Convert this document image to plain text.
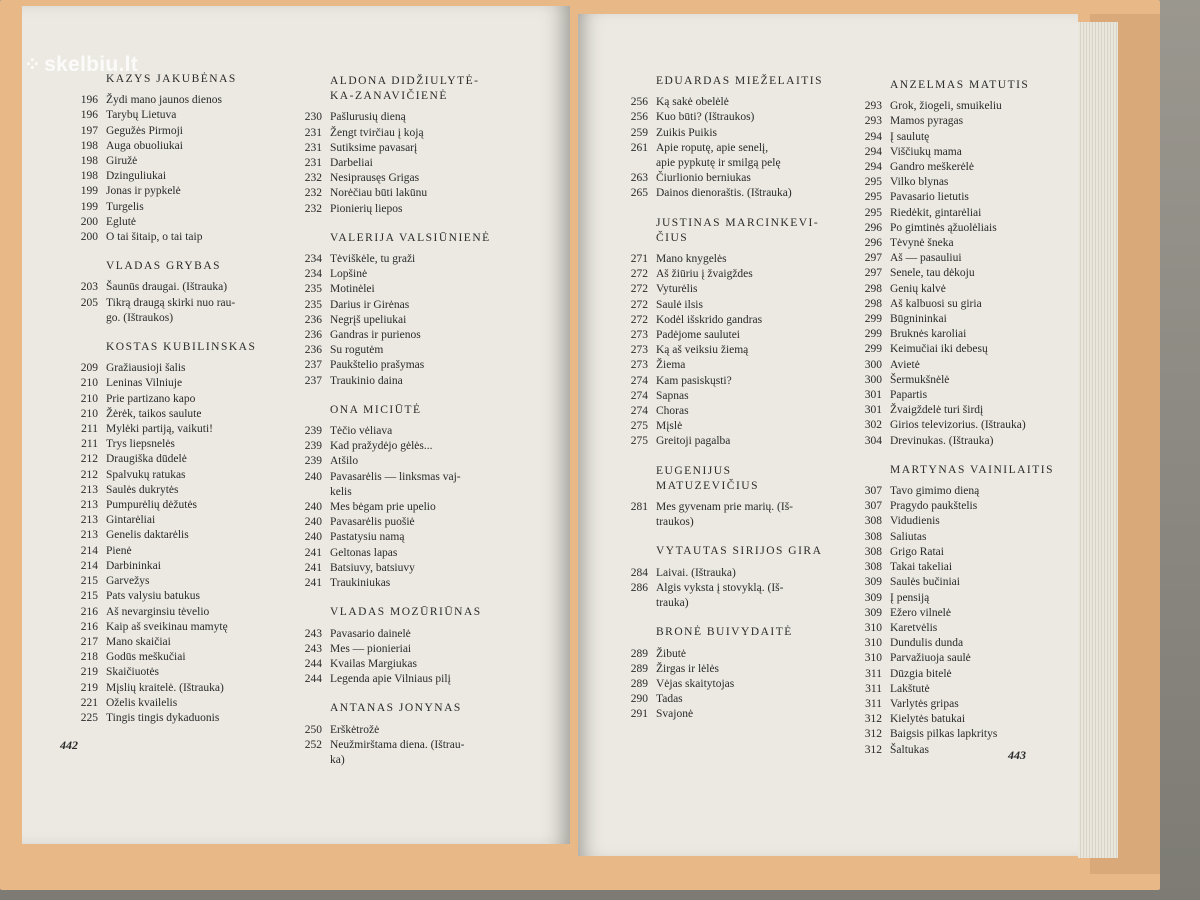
KAZYS JAKUBĖNAS
196 Žydi mano jaunos dienos
196 Tarybų Lietuva
197 Gegužės Pirmoji
198 Auga obuoliukai
198 Giružė
198 Dzinguliukai
199 Jonas ir pypkelė
199 Turgelis
200 Eglutė
200 O tai šitaip, o tai taip
VLADAS GRYBAS
203 Šaunūs draugai. (Ištrauka)
205 Tikrą draugą skirki nuo rau-
go. (Ištraukos)
KOSTAS KUBILINSKAS
209 Gražiausioji šalis
210 Leninas Vilniuje
210 Prie partizano kapo
210 Žėrėk, taikos saulute
211 Mylėki partiją, vaikuti!
211 Trys liepsnelės
212 Draugiška dūdelė
212 Spalvukų ratukas
213 Saulės dukrytės
213 Pumpurėlių dėžutės
213 Gintarėliai
213 Genelis daktarėlis
214 Pienė
214 Darbininkai
215 Garvežys
215 Pats valysiu batukus
216 Aš nevarginsiu tėvelio
216 Kaip aš sveikinau mamytę
217 Mano skaičiai
218 Godūs meškučiai
219 Skaičiuotės
219 Mįslių kraitelė. (Ištrauka)
221 Oželis kvailelis
225 Tingis tingis dykaduonis
ALDONA DIDŽIULYTĖ-KA-ZANAVIČIENĖ
230 Pašlurusių dieną
231 Žengt tvirčiau į koją
231 Sutiksime pavasarį
231 Darbeliai
232 Nesiprausęs Grigas
232 Norėčiau būti lakūnu
232 Pionierių liepos
VALERIJA VALSIŪNIENĖ
234 Tėviškėle, tu graži
234 Lopšinė
235 Motinėlei
235 Darius ir Girėnas
236 Negrįš upeliukai
236 Gandras ir purienos
236 Su rogutėm
237 Paukštelio prašymas
237 Traukinio daina
ONA MICIŪTĖ
239 Tėčio vėliava
239 Kad pražydėjo gėlės...
239 Atšilo
240 Pavasarėlis — linksmas vaj-
kelis
240 Mes bėgam prie upelio
240 Pavasarėlis puošiė
240 Pastatysiu namą
241 Geltonas lapas
241 Batsiuvy, batsiuvy
241 Traukiniukas
VLADAS MOZŪRIŪNAS
243 Pavasario dainelė
243 Mes — pionieriai
244 Kvailas Margiukas
244 Legenda apie Vilniaus pilį
ANTANAS JONYNAS
250 Erškėtrožė
252 Neužmirštama diena. (Ištrau-
ka)
442
EDUARDAS MIEŽELAITIS
256 Ką sakė obelėlė
256 Kuo būti? (Ištraukos)
259 Zuikis Puikis
261 Apie roputę, apie senelį,
apie pypkutę ir smilgą pelę
263 Čiurlionio berniukas
265 Dainos dienoraštis. (Ištrauka)
JUSTINAS MARCINKEVI-ČIUS
271 Mano knygelės
272 Aš žiūriu į žvaigždes
272 Vyturėlis
272 Saulė ilsis
272 Kodėl išskrido gandras
273 Padėjome saulutei
273 Ką aš veiksiu žiemą
273 Žiema
274 Kam pasiskųsti?
274 Sapnas
274 Choras
275 Mįslė
275 Greitoji pagalba
EUGENIJUS MATUZEVIČIUS
281 Mes gyvenam prie marių. (Iš-
traukos)
VYTAUTAS SIRIJOS GIRA
284 Laivai. (Ištrauka)
286 Algis vyksta į stovyklą. (Iš-
trauka)
BRONĖ BUIVYDAITĖ
289 Žibutė
289 Žirgas ir lėlės
289 Vėjas skaitytojas
290 Tadas
291 Svajonė
ANZELMAS MATUTIS
293 Grok, žiogeli, smuikeliu
293 Mamos pyragas
294 Į saulutę
294 Viščiukų mama
294 Gandro meškerėlė
295 Vilko blynas
295 Pavasario lietutis
295 Riedėkit, gintarėliai
296 Po gimtinės ąžuolėliais
296 Tėvynė šneka
297 Aš — pasauliui
297 Senele, tau dėkoju
298 Genių kalvė
298 Aš kalbuosi su giria
299 Būgnininkai
299 Bruknės karoliai
299 Keimučiai iki debesų
300 Avietė
300 Šermukšnėlė
301 Papartis
301 Žvaigždelė turi širdį
302 Girios televizorius. (Ištrauka)
304 Drevinukas. (Ištrauka)
MARTYNAS VAINILAITIS
307 Tavo gimimo dieną
307 Pragydo paukštelis
308 Vidudienis
308 Saliutas
308 Grigo Ratai
308 Takai takeliai
309 Saulės bučiniai
309 Į pensiją
309 Ežero vilnelė
310 Karetvėlis
310 Dundulis dunda
310 Parvažiuoja saulė
311 Dūzgia bitelė
311 Lakštutė
311 Varlytės gripas
312 Kielytės batukai
312 Baigsis pilkas lapkritys
312 Šaltukas	443
⁘ skelbiu.lt
